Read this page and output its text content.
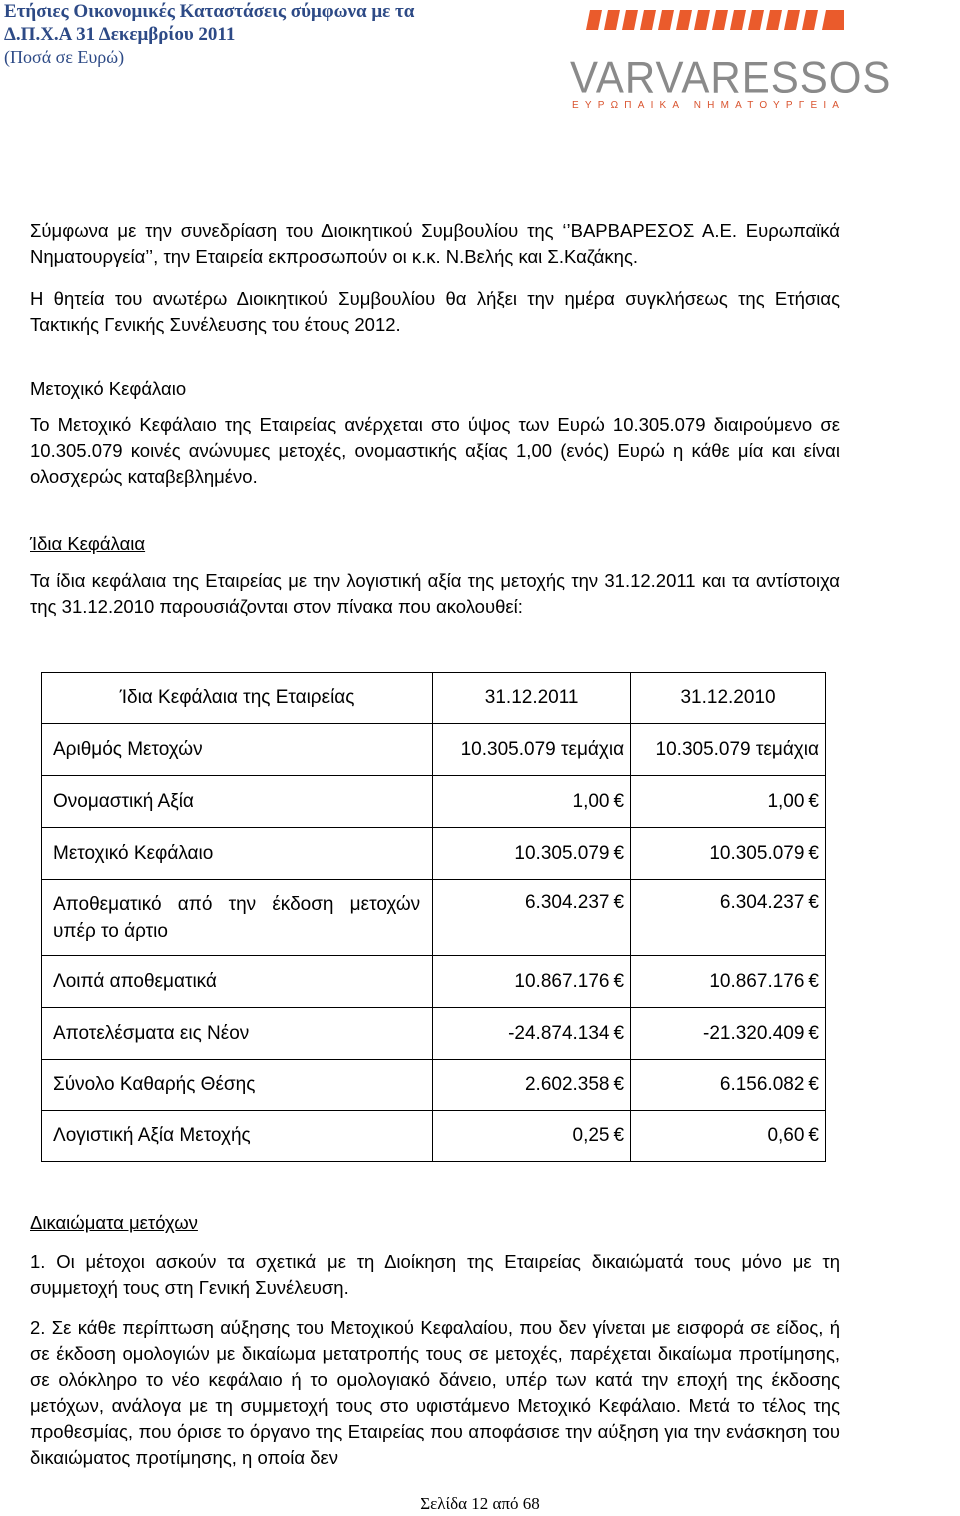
Ετήσιες Οικονομικές Καταστάσεις σύμφωνα με τα
Δ.Π.Χ.Α 31 Δεκεμβρίου 2011
(Ποσά σε Ευρώ)	VARVARESSOS
ΕΥΡΩΠΑΙΚΑ ΝΗΜΑΤΟΥΡΓΕΙΑ
Σύμφωνα με την συνεδρίαση του Διοικητικού Συμβουλίου της ‘’ΒΑΡΒΑΡΕΣΟΣ Α.Ε. Ευρωπαϊκά Νηματουργεία’’, την Εταιρεία εκπροσωπούν οι κ.κ. Ν.Βελής και Σ.Καζάκης.
Η θητεία του ανωτέρω Διοικητικού Συμβουλίου θα λήξει την ημέρα συγκλήσεως της Ετήσιας Τακτικής Γενικής Συνέλευσης του έτους 2012.
Μετοχικό Κεφάλαιο
Το Μετοχικό Κεφάλαιο της Εταιρείας ανέρχεται στο ύψος των Ευρώ 10.305.079 διαιρούμενο σε 10.305.079 κοινές ανώνυμες μετοχές, ονομαστικής αξίας 1,00 (ενός) Ευρώ η κάθε μία και είναι ολοσχερώς καταβεβλημένο.
Ίδια Κεφάλαια
Τα ίδια κεφάλαια της Εταιρείας με την λογιστική αξία της μετοχής την 31.12.2011 και τα αντίστοιχα της 31.12.2010 παρουσιάζονται στον πίνακα που ακολουθεί:
Ίδια Κεφάλαια της Εταιρείας	31.12.2011	31.12.2010
Αριθμός Μετοχών	10.305.079 τεμάχια	10.305.079 τεμάχια
Ονομαστική Αξία	1,00 €	1,00 €
Μετοχικό Κεφάλαιο	10.305.079 €	10.305.079 €
Αποθεματικό από την έκδοση μετοχών υπέρ το άρτιο	6.304.237 €	6.304.237 €
Λοιπά αποθεματικά	10.867.176 €	10.867.176 €
Αποτελέσματα εις Νέον	-24.874.134 €	-21.320.409 €
Σύνολο Καθαρής Θέσης	2.602.358 €	6.156.082 €
Λογιστική Αξία Μετοχής	0,25 €	0,60 €
Δικαιώματα μετόχων
1. Οι μέτοχοι ασκούν τα σχετικά με τη Διοίκηση της Εταιρείας δικαιώματά τους μόνο με τη συμμετοχή τους στη Γενική Συνέλευση.
2. Σε κάθε περίπτωση αύξησης του Μετοχικού Κεφαλαίου, που δεν γίνεται με εισφορά σε είδος, ή σε έκδοση ομολογιών με δικαίωμα μετατροπής τους σε μετοχές, παρέχεται δικαίωμα προτίμησης, σε ολόκληρο το νέο κεφάλαιο ή το ομολογιακό δάνειο, υπέρ των κατά την εποχή της έκδοσης μετόχων, ανάλογα με τη συμμετοχή τους στο υφιστάμενο Μετοχικό Κεφάλαιο. Μετά το τέλος της προθεσμίας, που όρισε το όργανο της Εταιρείας που αποφάσισε την αύξηση για την ενάσκηση του δικαιώματος προτίμησης, η οποία δεν
Σελίδα 12 από 68
